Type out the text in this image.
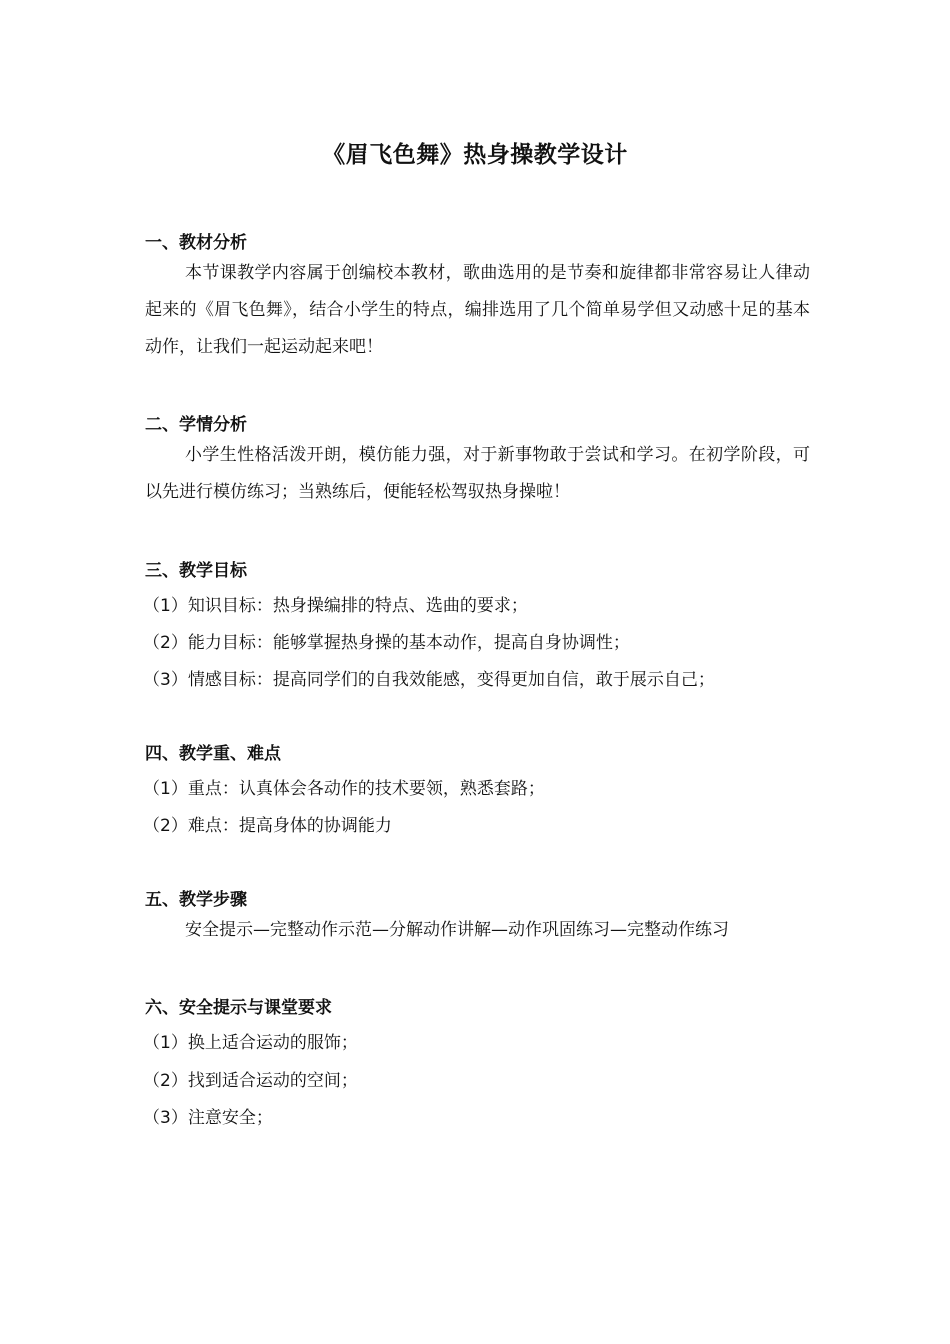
《眉飞色舞》热身操教学设计
一、教材分析
本节课教学内容属于创编校本教材，歌曲选用的是节奏和旋律都非常容易让人律动起来的《眉飞色舞》，结合小学生的特点，编排选用了几个简单易学但又动感十足的基本动作，让我们一起运动起来吧！
二、学情分析
小学生性格活泼开朗，模仿能力强，对于新事物敢于尝试和学习。在初学阶段，可以先进行模仿练习；当熟练后，便能轻松驾驭热身操啦！
三、教学目标
（1）知识目标：热身操编排的特点、选曲的要求；
（2）能力目标：能够掌握热身操的基本动作，提高自身协调性；
（3）情感目标：提高同学们的自我效能感，变得更加自信，敢于展示自己；
四、教学重、难点
（1）重点：认真体会各动作的技术要领，熟悉套路；
（2）难点：提高身体的协调能力
五、教学步骤
安全提示—完整动作示范—分解动作讲解—动作巩固练习—完整动作练习
六、安全提示与课堂要求
（1）换上适合运动的服饰；
（2）找到适合运动的空间；
（3）注意安全；
